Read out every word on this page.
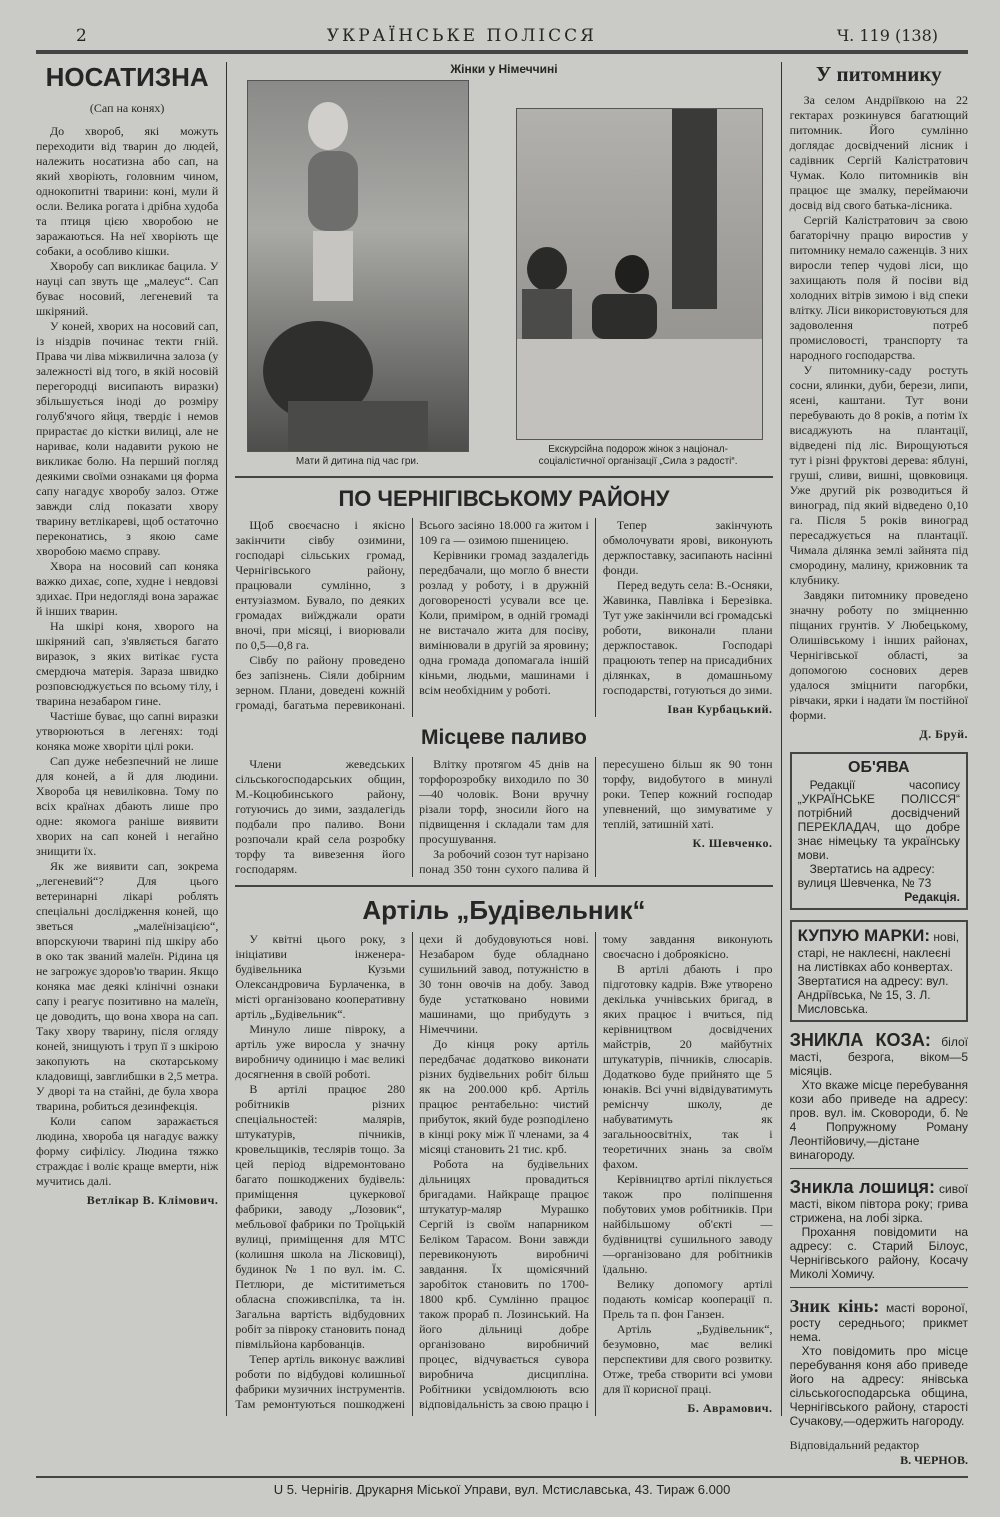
2	УКРАЇНСЬКЕ ПОЛІССЯ	Ч. 119 (138)
НОСАТИЗНА
(Сап на конях)

До хвороб, які можуть переходити від тварин до людей, належить носатизна або сап, на який хворіють, головним чином, однокопитні тварини: коні, мули й осли. Велика рогата і дрібна худоба та птиця цією хворобою не заражаються. На неї хворіють ще собаки, а особливо кішки.

Хворобу сап викликає бацила. У науці сап звуть ще „малеус“. Сап буває носовий, легеневий та шкіряний.

У коней, хворих на носовий сап, із ніздрів починає текти гній. Права чи ліва міжвилична залоза (у залежності від того, в якій носовій перегородці висипають виразки) збільшується іноді до розміру голуб'ячого яйця, твердіє і немов прирастає до кістки вилиці, але не нариває, коли надавити рукою не викликає болю. На перший погляд деякими своїми ознаками ця форма сапу нагадує хворобу залоз. Отже завжди слід показати хвору тварину ветлікареві, щоб остаточно переконатись, з якою саме хворобою маємо справу.

Хвора на носовий сап коняка важко дихає, сопе, худне і невдовзі здихає. При недогляді вона заражає й інших тварин.

На шкірі коня, хворого на шкіряний сап, з'являється багато виразок, з яких витікає густа смердюча матерія. Зараза швидко розповсюджується по всьому тілу, і тварина незабаром гине.

Частіше буває, що сапні виразки утворюються в легенях: тоді коняка може хворіти цілі роки.

Сап дуже небезпечний не лише для коней, а й для людини. Хвороба ця невиліковна. Тому по всіх країнах дбають лише про одне: якомога раніше виявити хворих на сап коней і негайно знищити їх.

Як же виявити сап, зокрема „легеневий“? Для цього ветеринарні лікарі роблять спеціальні дослідження коней, що зветься „малеїнізацією“, впорскуючи тварині під шкіру або в око так званий малеїн. Рідина ця не загрожує здоров'ю тварин. Якщо коняка має деякі клінічні ознаки сапу і реагує позитивно на малеїн, це доводить, що вона хвора на сап. Таку хвору тварину, після огляду коней, знищують і труп її з шкірою закопують на скотарському кладовищі, завглибшки в 2,5 метра. У дворі та на стайні, де була хвора тварина, робиться дезинфекція.

Коли сапом заражається людина, хвороба ця нагадує важку форму сифілісу. Людина тяжко страждає і воліє краще вмерти, ніж мучитись далі.

Ветлікар В. Клімович.
Жінки у Німеччині
Мати й дитина під час гри.
Екскурсійна подорож жінок з націонал-соціалістичної організації „Сила з радості“.
ПО ЧЕРНІГІВСЬКОМУ РАЙОНУ

Щоб своєчасно і якісно закінчити сівбу озимини, господарі сільських громад, Чернігівського району, працювали сумлінно, з ентузіазмом. Бувало, по деяких громадах виїжджали орати вночі, при місяці, і виорювали по 0,5—0,8 га.

Сівбу по району проведено без запізнень. Сіяли добірним зерном. Плани, доведені кожній громаді, багатьма перевиконані. Всього засіяно 18.000 га житом і 109 га — озимою пшеницею.

Керівники громад заздалегідь передбачали, що могло б внести розлад у роботу, і в дружній договорeності усували все це. Коли, приміром, в одній громаді не вистачало жита для посіву, вимінювали в другій за яровину; одна громада допомагала іншій кіньми, людьми, машинами і всім необхідним у роботі.

Тепер закінчують обмолочувати ярові, виконують держпоставку, засипають насінні фонди.

Перед ведуть села: В.-Осняки, Жавинка, Павлівка і Березівка. Тут уже закінчили всі громадські роботи, виконали плани держпоставок. Господарі працюють тепер на присадибних ділянках, в домашньому господарстві, готуються до зими.

Іван Курбацький.
Місцеве паливо

Члени жеведських сільськогосподарських общин, М.-Коцюбинського району, готуючись до зими, заздалегідь подбали про паливо. Вони розпочали край села розробку торфу та вивезення його господарям.

Влітку протягом 45 днів на торфорозробку виходило по 30—40 чоловік. Вони вручну різали торф, зносили його на підвищення і складали там для просушування.

За робочий созон тут нарізано понад 350 тонн сухого палива й пересушено більш як 90 тонн торфу, видобутого в минулі роки. Тепер кожний господар упевнений, що зимуватиме у теплій, затишній хаті.

К. Шевченко.
Артіль „Будівельник“

У квітні цього року, з ініціативи інженера-будівельника Кузьми Олександровича Бурлаченка, в місті організовано кооперативну артіль „Будівельник“.

Минуло лише півроку, а артіль уже виросла у значну виробничу одиницю і має великі досягнення в своїй роботі.

В артілі працює 280 робітників різних спеціальностей: малярів, штукатурів, пічників, кровельщиків, теслярів тощо. За цей період відремонтовано багато пошкоджених будівель: приміщення цукеркової фабрики, заводу „Лозовик“, мебльової фабрики по Троїцькій вулиці, приміщення для МТС (колишня школа на Лісковиці), будинок № 1 по вул. ім. С. Петлюри, де міститиметься обласна споживспілка, та ін. Загальна вартість відбудовних робіт за півроку становить понад півмільйона карбованців.

Тепер артіль виконує важливі роботи по відбудові колишньої фабрики музичних інструментів. Там ремонтуються пошкоджені цехи й добудовуються нові. Незабаром буде обладнано сушильний завод, потужністю в 30 тонн овочів на добу. Завод буде устатковано новими машинами, що прибудуть з Німеччини.

До кінця року артіль передбачає додатково виконати різних будівельних робіт більш як на 200.000 крб. Артіль працює рентабельно: чистий прибуток, який буде розподілено в кінці року між її членами, за 4 місяці становить 21 тис. крб.

Робота на будівельних дільницях провадиться бригадами. Найкраще працює штукатур-маляр Мурашко Сергій із своїм напарником Беліком Тарасом. Вони завжди перевиконують виробничі завдання. Їх щомісячний заробіток становить по 1700-1800 крб. Сумлінно працює також прораб п. Лозинський. На його дільниці добре організовано виробничий процес, відчувається сувора виробнича дисципліна. Робітники усвідомлюють всю відповідальність за свою працю і тому завдання виконують своєчасно і доброякісно.

В артілі дбають і про підготовку кадрів. Вже утворено декілька учнівських бригад, в яких працює і вчиться, під керівництвом досвідчених майстрів, 20 майбутніх штукатурів, пічників, слюсарів. Додатково буде прийнято ще 5 юнаків. Всі учні відвідуватимуть реміснчу школу, де набуватимуть як загальноосвітніх, так і теоретичних знань за своїм фахом.

Керівництво артілі піклується також про поліпшення побутових умов робітників. При найбільшому об'єкті — будівництві сушильного заводу—організовано для робітників їдальню.

Велику допомогу артілі подають комісар кооперації п. Прель та п. фон Ганзен.

Артіль „Будівельник“, безумовно, має великі перспективи для свого розвитку. Отже, треба створити всі умови для її корисної праці.

Б. Аврамович.
У питомнику

За селом Андріївкою на 22 гектарах розкинувся багатющий питомник. Його сумлінно доглядає досвідчений лісник і садівник Сергій Калістратович Чумак. Коло питомників він працює ще змалку, переймаючи досвід від свого батька-лісника.

Сергій Калістратович за свою багаторічну працю виростив у питомнику немало саженців. З них виросли тепер чудові ліси, що захищають поля й посіви від холодних вітрів зимою і від спеки влітку. Ліси використовуються для задоволення потреб промисловості, транспорту та народного господарства.

У питомнику-саду ростуть сосни, ялинки, дуби, берези, липи, ясені, каштани. Тут вони перебувають до 8 років, а потім їх висаджують на плантації, відведені під ліс. Вирощуються тут і різні фруктові дерева: яблуні, груші, сливи, вишні, щовковиця. Уже другий рік розводиться й виноград, під який відведено 0,10 га. Після 5 років виноград пересаджується на плантації. Чимала ділянка землі зайнята під смородину, малину, крижовник та клубнику.

Завдяки питомнику проведено значну роботу по зміцненню піщаних грунтів. У Любецькому, Олишівському і інших районах, Чернігівської області, за допомогою соснових дерев удалося зміцнити пагорбки, рівчаки, ярки і надати їм постійної форми.

Д. Бруй.
ОБ'ЯВА
Редакції часопису „УКРАЇНСЬКЕ ПОЛІССЯ“ потрібний досвідчений ПЕРЕКЛАДАЧ, що добре знає німецьку та українську мови.
Звертатись на адресу: вулиця Шевченка, № 73
Редакція.
КУПУЮ МАРКИ: нові, старі, не наклеєні, наклеєні на листівках або конвертах. Звертатися на адресу: вул. Андріївська, № 15, З. Л. Мисловська.
ЗНИКЛА КОЗА: білої масті, безрога, віком—5 місяців.
Хто вкаже місце перебування кози або приведе на адресу: пров. вул. ім. Сковороди, б. № 4 Попружному Роману Леонтійовичу,—дістане винагороду.
Зникла лошиця: сивої масті, віком півтора року; грива стрижена, на лобі зірка.
Прохання повідомити на адресу: с. Старий Білоус, Чернігівського району, Косачу Миколі Хомичу.
Зник кінь: масті вороної, росту середнього; прикмет нема.
Хто повідомить про місце перебування коня або приведе його на адресу: янівська сільськогосподарська община, Чернігівського району, старості Сучакову,—одержить нагороду.
Відповідальний редактор
В. ЧЕРНОВ.
U 5. Чернігів. Друкарня Міської Управи, вул. Мстиславська, 43. Тираж 6.000
